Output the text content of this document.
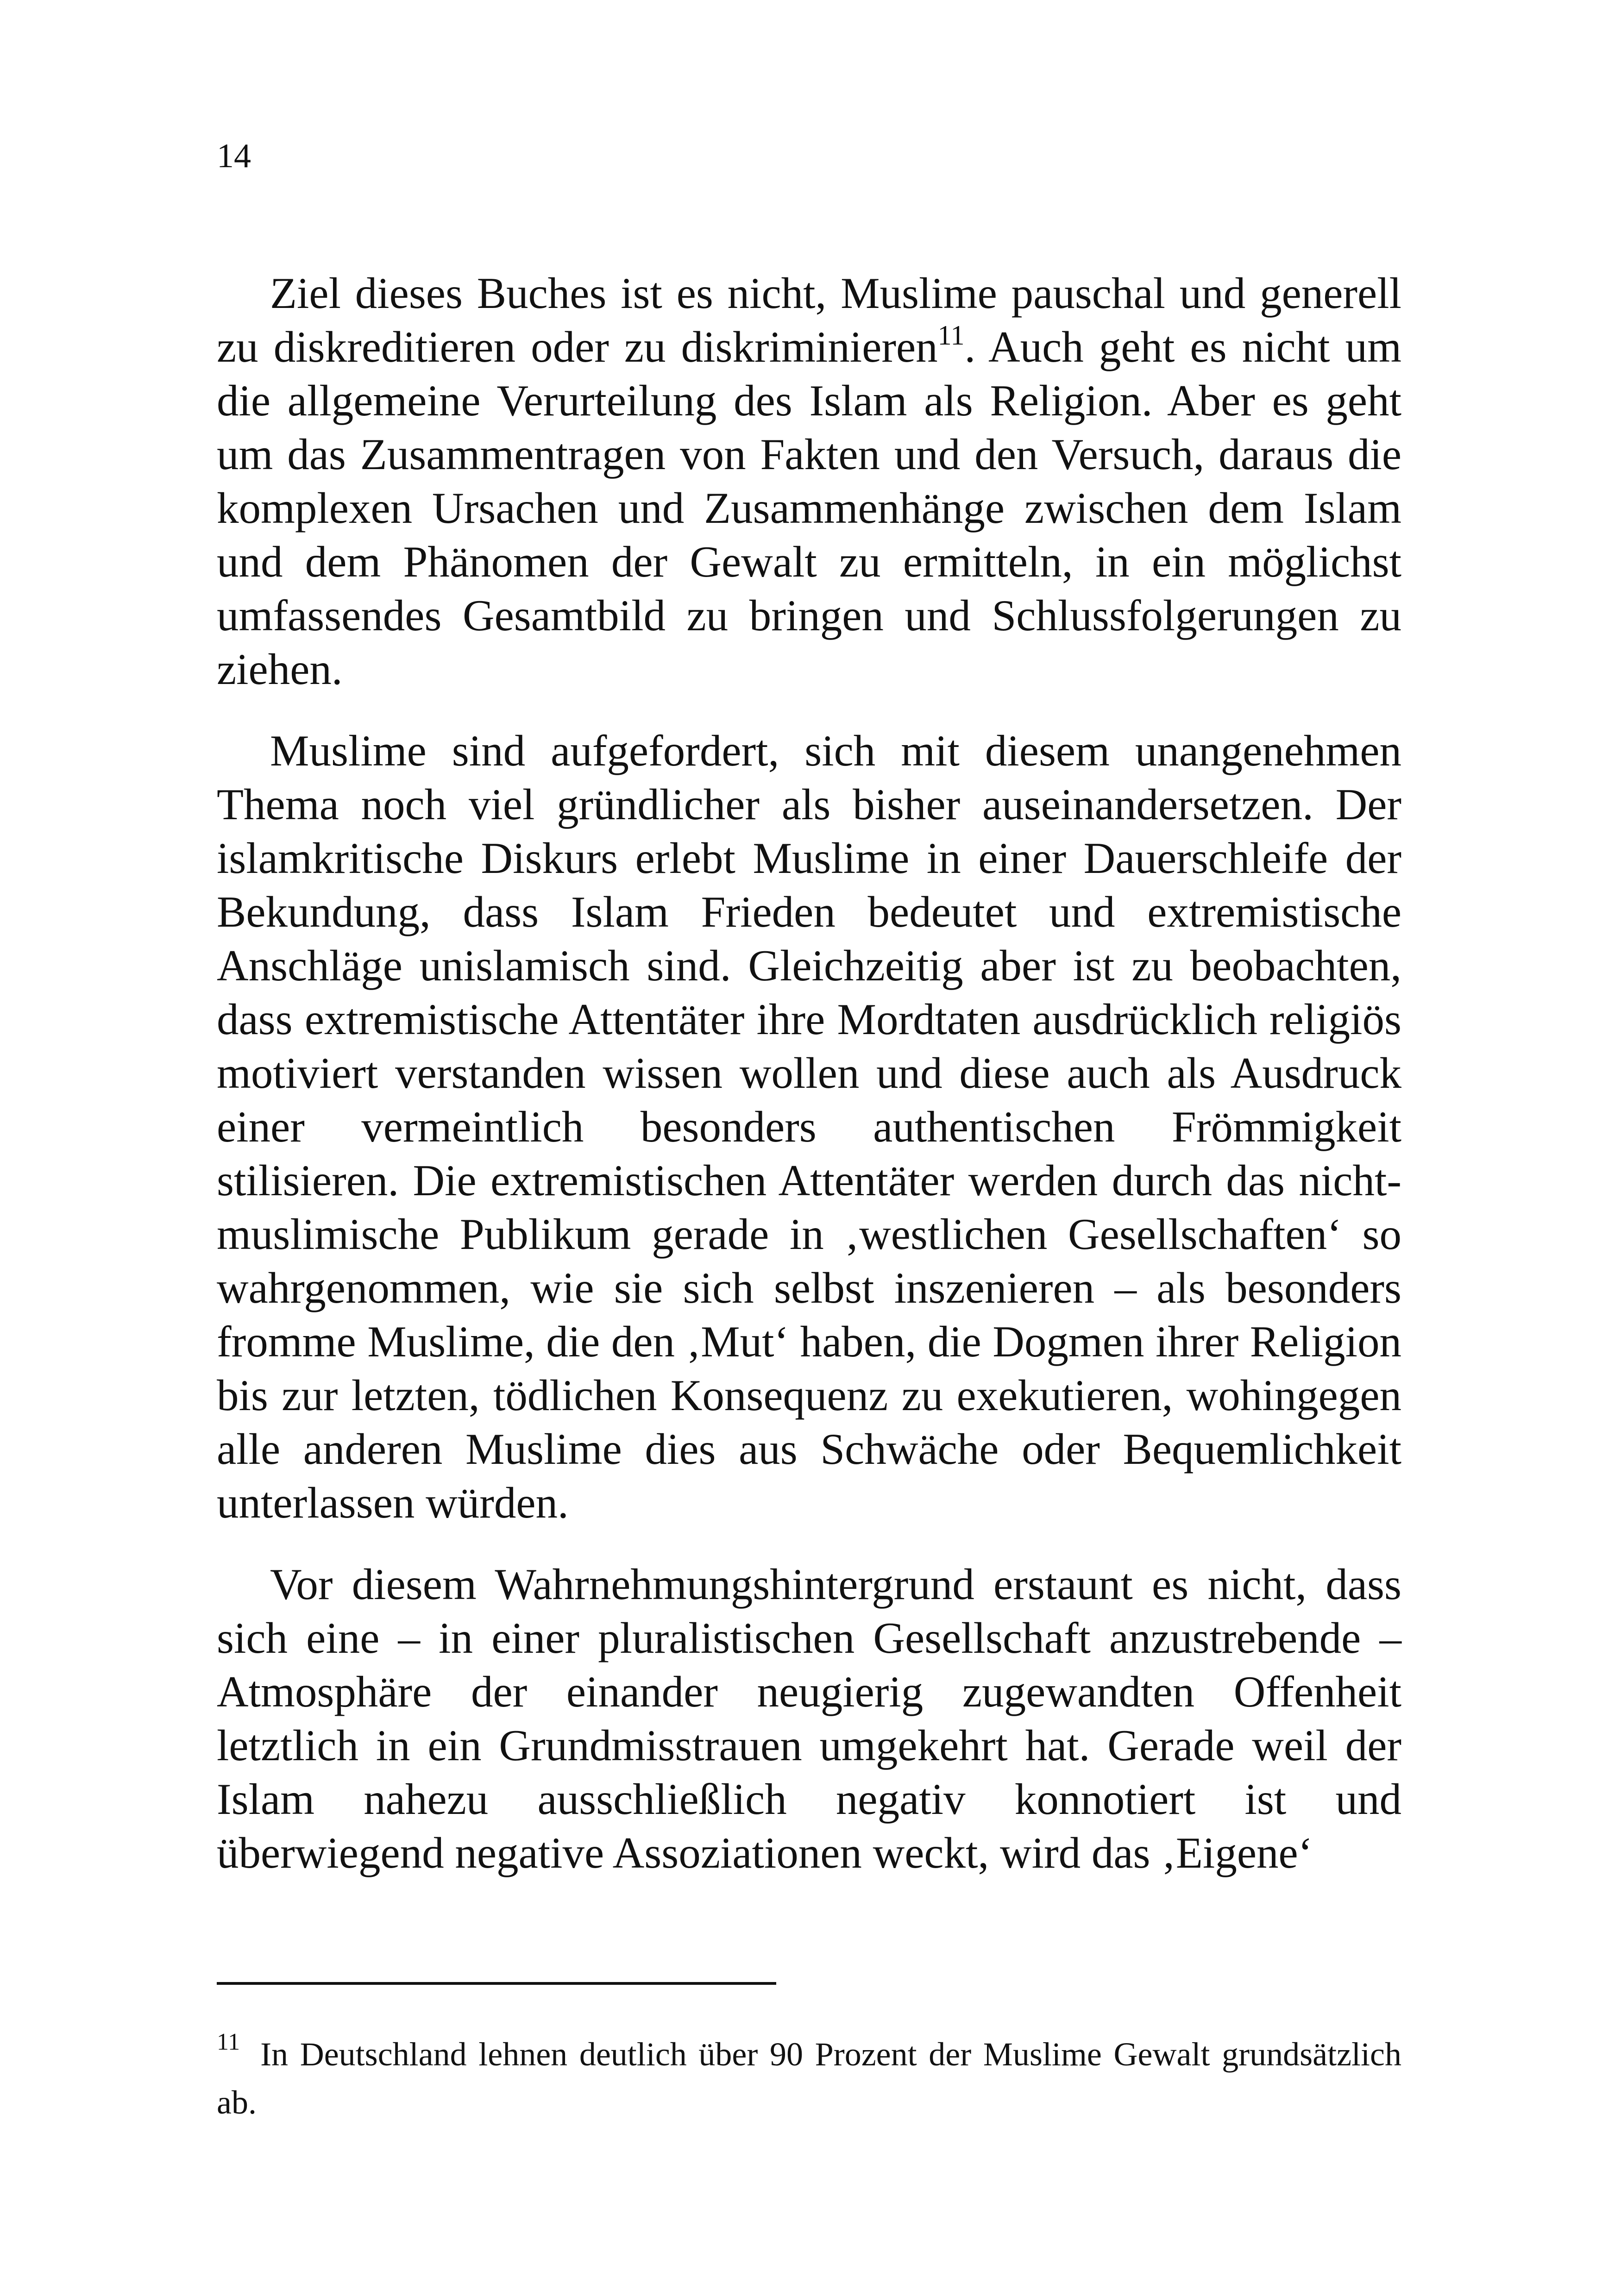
14

Ziel dieses Buches ist es nicht, Muslime pauschal und generell zu diskreditieren oder zu diskriminieren$^{11}$. Auch geht es nicht um die allgemeine Verurteilung des Islam als Religion. Aber es geht um das Zusammentragen von Fakten und den Versuch, daraus die komplexen Ursachen und Zusammenhänge zwischen dem Islam und dem Phänomen der Gewalt zu ermitteln, in ein möglichst umfassendes Gesamtbild zu bringen und Schlussfolgerungen zu ziehen.

Muslime sind aufgefordert, sich mit diesem unangenehmen Thema noch viel gründlicher als bisher auseinandersetzen. Der islamkritische Diskurs erlebt Muslime in einer Dauerschleife der Bekundung, dass Islam Frieden bedeutet und extremistische Anschläge unislamisch sind. Gleichzeitig aber ist zu beobachten, dass extremistische Attentäter ihre Mordtaten ausdrücklich religiös motiviert verstanden wissen wollen und diese auch als Ausdruck einer vermeintlich besonders authentischen Frömmigkeit stilisieren. Die extremistischen Attentäter werden durch das nicht-muslimische Publikum gerade in ‚westlichen Gesellschaften‘ so wahrgenommen, wie sie sich selbst inszenieren – als besonders fromme Muslime, die den ‚Mut‘ haben, die Dogmen ihrer Religion bis zur letzten, tödlichen Konsequenz zu exekutieren, wohingegen alle anderen Muslime dies aus Schwäche oder Bequemlichkeit unterlassen würden.

Vor diesem Wahrnehmungshintergrund erstaunt es nicht, dass sich eine – in einer pluralistischen Gesellschaft anzustrebende – Atmosphäre der einander neugierig zugewandten Offenheit letztlich in ein Grundmisstrauen umgekehrt hat. Gerade weil der Islam nahezu ausschließlich negativ konnotiert ist und überwiegend negative Assoziationen weckt, wird das ‚Eigene‘

$^{11}$ In Deutschland lehnen deutlich über 90 Prozent der Muslime Gewalt grundsätzlich ab.
